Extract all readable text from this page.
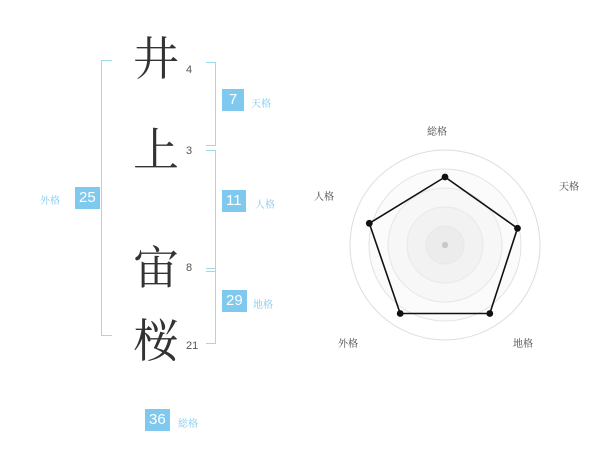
25
外格
井 4
上 3
宙 8
桜 21
7	天格
11	人格
29	地格
36	総格
総格
天格
地格
外格
人格
